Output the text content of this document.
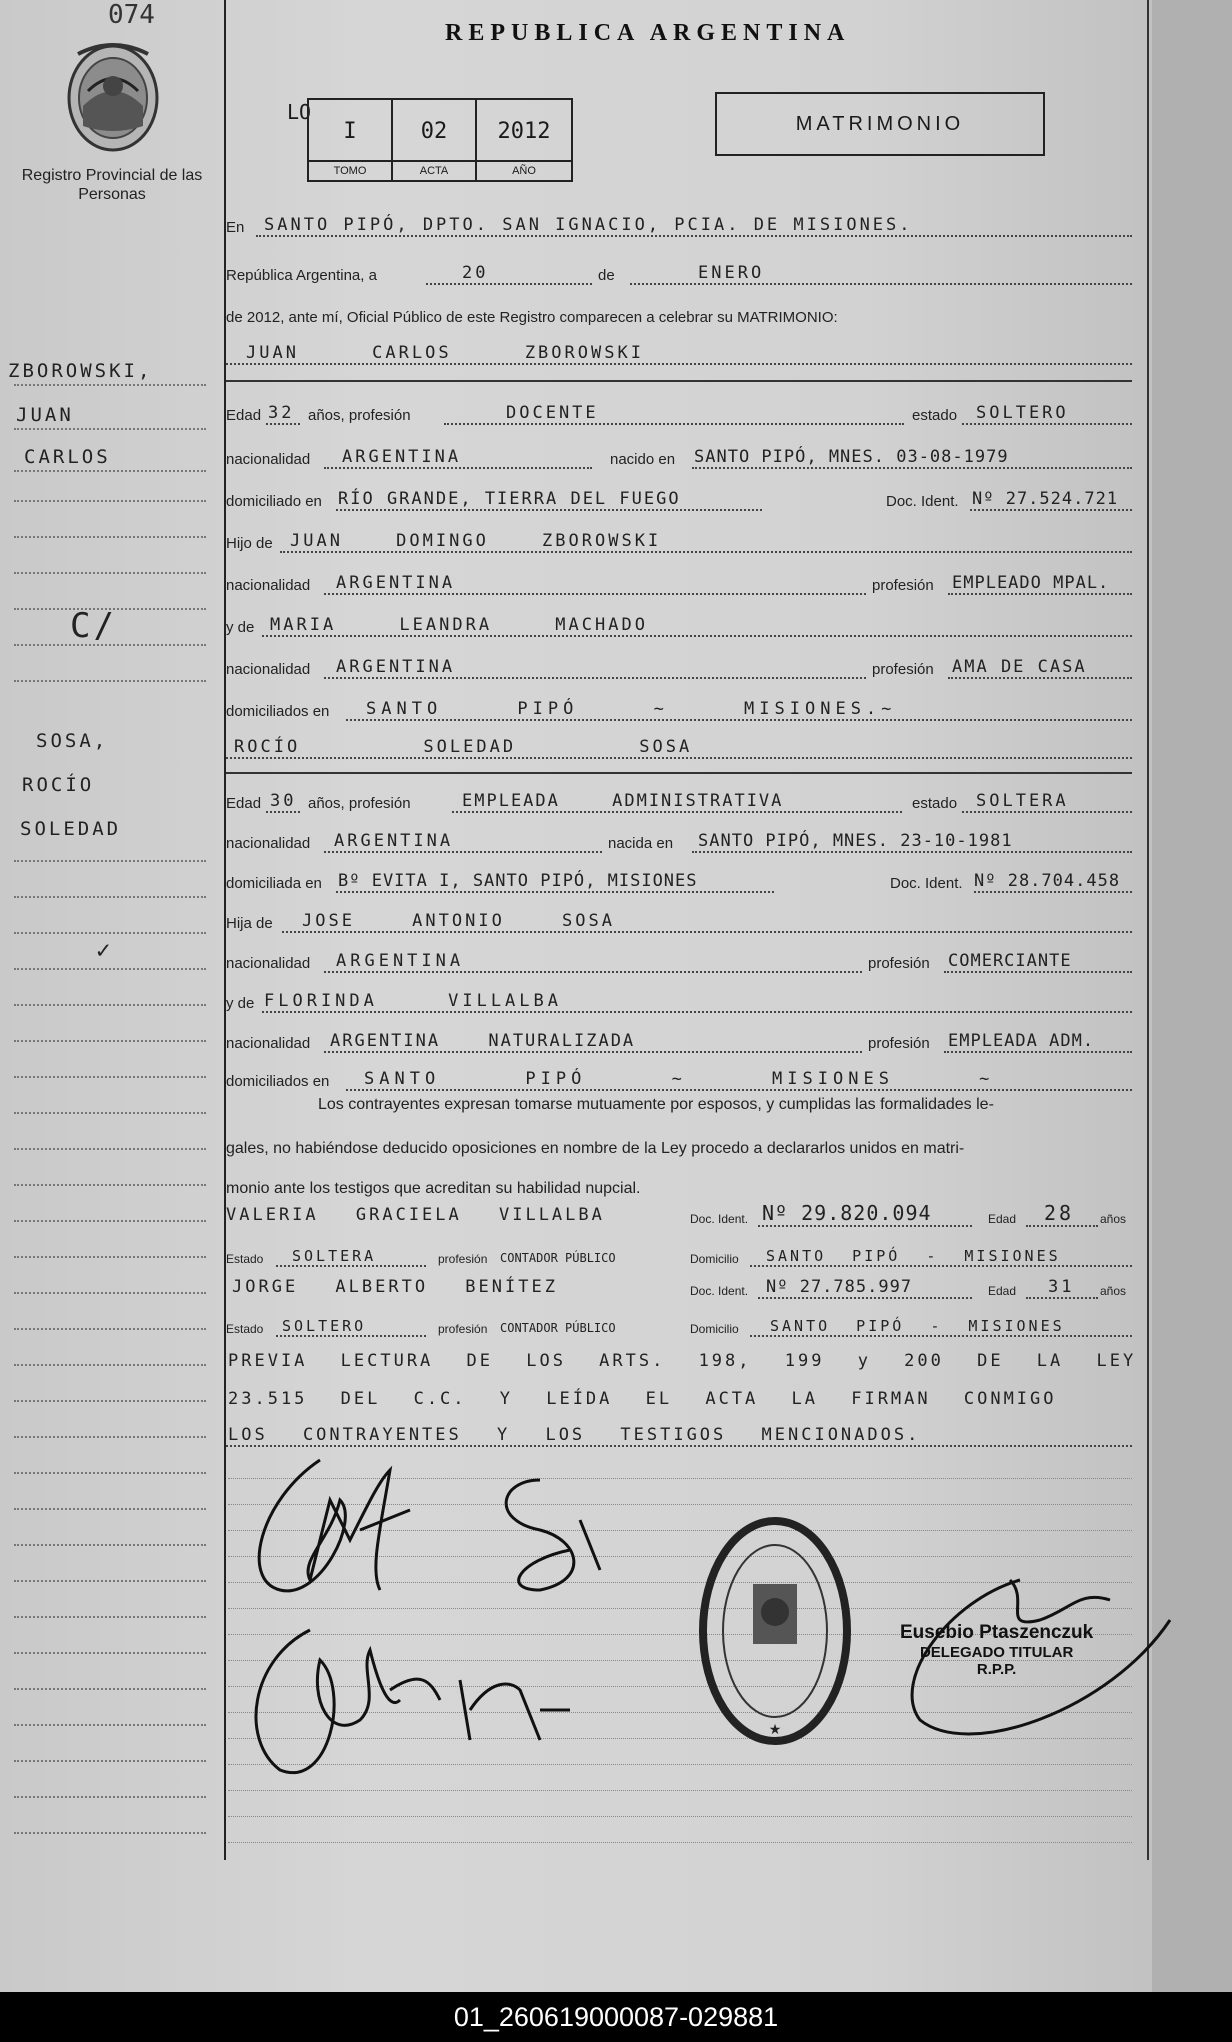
074
Registro Provincial de las Personas
REPUBLICA ARGENTINA
LO
I	02	2012
TOMO	ACTA	AÑO
MATRIMONIO
En SANTO PIPÓ, DPTO. SAN IGNACIO, PCIA. DE MISIONES.
República Argentina, a	20	de	ENERO
de 2012, ante mí, Oficial Público de este Registro comparecen a celebrar su MATRIMONIO:
JUAN CARLOS ZBOROWSKI
Edad 32 años, profesión	DOCENTE	estado SOLTERO
nacionalidad ARGENTINA	nacido en SANTO PIPÓ, MNES. 03-08-1979
domiciliado en RÍO GRANDE, TIERRA DEL FUEGO	Doc. Ident. Nº 27.524.721
Hijo de JUAN DOMINGO ZBOROWSKI
nacionalidad ARGENTINA	profesión EMPLEADO MPAL.
y de MARIA LEANDRA MACHADO
nacionalidad ARGENTINA	profesión AMA DE CASA
domiciliados en SANTO PIPÓ ~ MISIONES.~
ROCÍO SOLEDAD SOSA
Edad 30 años, profesión	EMPLEADA ADMINISTRATIVA	estado SOLTERA
nacionalidad ARGENTINA	nacida en SANTO PIPÓ, MNES. 23-10-1981
domiciliada en Bº EVITA I, SANTO PIPÓ, MISIONES	Doc. Ident. Nº 28.704.458
Hija de JOSE ANTONIO SOSA
nacionalidad ARGENTINA	profesión COMERCIANTE
y de FLORINDA VILLALBA
nacionalidad ARGENTINA NATURALIZADA	profesión EMPLEADA ADM.
domiciliados en SANTO PIPÓ ~ MISIONES ~
Los contrayentes expresan tomarse mutuamente por esposos, y cumplidas las formalidades le-
gales, no habiéndose deducido oposiciones en nombre de la Ley procedo a declararlos unidos en matri-
monio ante los testigos que acreditan su habilidad nupcial.
VALERIA GRACIELA VILLALBA	Doc. Ident. Nº 29.820.094	Edad 28 años
Estado SOLTERA	profesión CONTADOR PÚBLICO	Domicilio SANTO PIPÓ - MISIONES
JORGE ALBERTO BENÍTEZ	Doc. Ident. Nº 27.785.997	Edad 31 años
Estado SOLTERO	profesión CONTADOR PÚBLICO	Domicilio SANTO PIPÓ - MISIONES
PREVIA LECTURA DE LOS ARTS. 198, 199 y 200 DE LA LEY
23.515 DEL C.C. Y LEÍDA EL ACTA LA FIRMAN CONMIGO
LOS CONTRAYENTES Y LOS TESTIGOS MENCIONADOS.
ZBOROWSKI,
JUAN
CARLOS
C/
SOSA,
ROCÍO
SOLEDAD
✓
★
Eusebio Ptaszenczuk
DELEGADO TITULAR
R.P.P.
01_260619000087-029881
